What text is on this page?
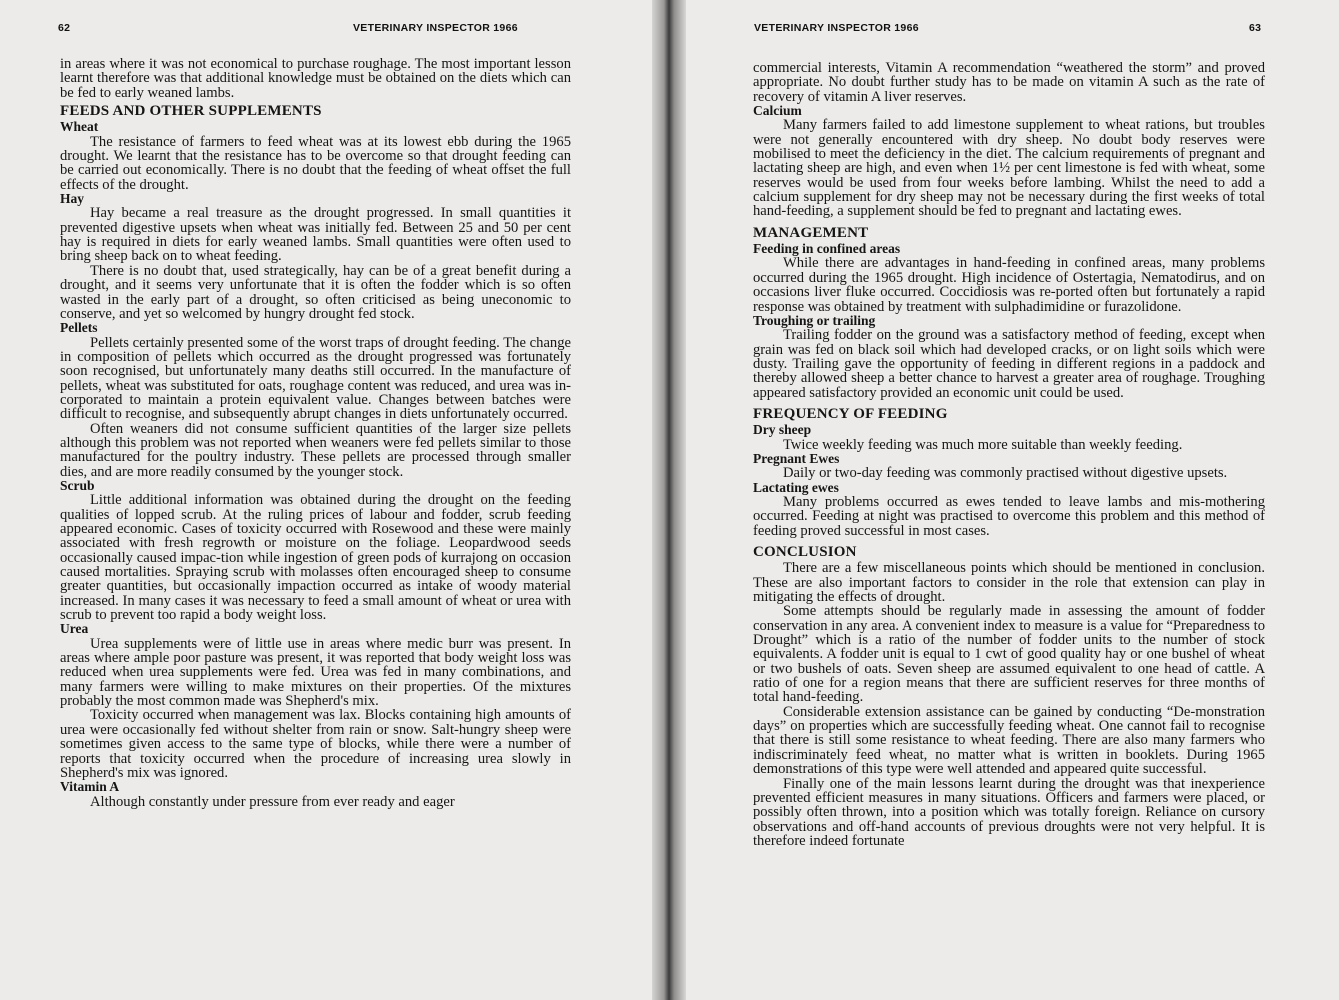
62	VETERINARY INSPECTOR 1966

in areas where it was not economical to purchase roughage. The most important lesson learnt therefore was that additional knowledge must be obtained on the diets which can be fed to early weaned lambs.

FEEDS AND OTHER SUPPLEMENTS
Wheat

The resistance of farmers to feed wheat was at its lowest ebb during the 1965 drought. We learnt that the resistance has to be overcome so that drought feeding can be carried out economically. There is no doubt that the feeding of wheat offset the full effects of the drought.

Hay

Hay became a real treasure as the drought progressed. In small quantities it prevented digestive upsets when wheat was initially fed. Between 25 and 50 per cent hay is required in diets for early weaned lambs. Small quantities were often used to bring sheep back on to wheat feeding.

There is no doubt that, used strategically, hay can be of a great benefit during a drought, and it seems very unfortunate that it is often the fodder which is so often wasted in the early part of a drought, so often criticised as being uneconomic to conserve, and yet so welcomed by hungry drought fed stock.

Pellets

Pellets certainly presented some of the worst traps of drought feeding. The change in composition of pellets which occurred as the drought progressed was fortunately soon recognised, but unfortunately many deaths still occurred. In the manufacture of pellets, wheat was substituted for oats, roughage content was reduced, and urea was in-corporated to maintain a protein equivalent value. Changes between batches were difficult to recognise, and subsequently abrupt changes in diets unfortunately occurred.

Often weaners did not consume sufficient quantities of the larger size pellets although this problem was not reported when weaners were fed pellets similar to those manufactured for the poultry industry. These pellets are processed through smaller dies, and are more readily consumed by the younger stock.

Scrub

Little additional information was obtained during the drought on the feeding qualities of lopped scrub. At the ruling prices of labour and fodder, scrub feeding appeared economic. Cases of toxicity occurred with Rosewood and these were mainly associated with fresh regrowth or moisture on the foliage. Leopardwood seeds occasionally caused impac-tion while ingestion of green pods of kurrajong on occasion caused mortalities. Spraying scrub with molasses often encouraged sheep to consume greater quantities, but occasionally impaction occurred as intake of woody material increased. In many cases it was necessary to feed a small amount of wheat or urea with scrub to prevent too rapid a body weight loss.

Urea

Urea supplements were of little use in areas where medic burr was present. In areas where ample poor pasture was present, it was reported that body weight loss was reduced when urea supplements were fed. Urea was fed in many combinations, and many farmers were willing to make mixtures on their properties. Of the mixtures probably the most common made was Shepherd's mix.

Toxicity occurred when management was lax. Blocks containing high amounts of urea were occasionally fed without shelter from rain or snow. Salt-hungry sheep were sometimes given access to the same type of blocks, while there were a number of reports that toxicity occurred when the procedure of increasing urea slowly in Shepherd's mix was ignored.

Vitamin A

Although constantly under pressure from ever ready and eager

VETERINARY INSPECTOR 1966	63

commercial interests, Vitamin A recommendation “weathered the storm” and proved appropriate. No doubt further study has to be made on vitamin A such as the rate of recovery of vitamin A liver reserves.

Calcium

Many farmers failed to add limestone supplement to wheat rations, but troubles were not generally encountered with dry sheep. No doubt body reserves were mobilised to meet the deficiency in the diet. The calcium requirements of pregnant and lactating sheep are high, and even when 1½ per cent limestone is fed with wheat, some reserves would be used from four weeks before lambing. Whilst the need to add a calcium supplement for dry sheep may not be necessary during the first weeks of total hand-feeding, a supplement should be fed to pregnant and lactating ewes.

MANAGEMENT
Feeding in confined areas

While there are advantages in hand-feeding in confined areas, many problems occurred during the 1965 drought. High incidence of Ostertagia, Nematodirus, and on occasions liver fluke occurred. Coccidiosis was re-ported often but fortunately a rapid response was obtained by treatment with sulphadimidine or furazolidone.

Troughing or trailing

Trailing fodder on the ground was a satisfactory method of feeding, except when grain was fed on black soil which had developed cracks, or on light soils which were dusty. Trailing gave the opportunity of feeding in different regions in a paddock and thereby allowed sheep a better chance to harvest a greater area of roughage. Troughing appeared satisfactory provided an economic unit could be used.

FREQUENCY OF FEEDING
Dry sheep

Twice weekly feeding was much more suitable than weekly feeding.

Pregnant Ewes

Daily or two-day feeding was commonly practised without digestive upsets.

Lactating ewes

Many problems occurred as ewes tended to leave lambs and mis-mothering occurred. Feeding at night was practised to overcome this problem and this method of feeding proved successful in most cases.

CONCLUSION

There are a few miscellaneous points which should be mentioned in conclusion. These are also important factors to consider in the role that extension can play in mitigating the effects of drought.

Some attempts should be regularly made in assessing the amount of fodder conservation in any area. A convenient index to measure is a value for “Preparedness to Drought” which is a ratio of the number of fodder units to the number of stock equivalents. A fodder unit is equal to 1 cwt of good quality hay or one bushel of wheat or two bushels of oats. Seven sheep are assumed equivalent to one head of cattle. A ratio of one for a region means that there are sufficient reserves for three months of total hand-feeding.

Considerable extension assistance can be gained by conducting “De-monstration days” on properties which are successfully feeding wheat. One cannot fail to recognise that there is still some resistance to wheat feeding. There are also many farmers who indiscriminately feed wheat, no matter what is written in booklets. During 1965 demonstrations of this type were well attended and appeared quite successful.

Finally one of the main lessons learnt during the drought was that inexperience prevented efficient measures in many situations. Officers and farmers were placed, or possibly often thrown, into a position which was totally foreign. Reliance on cursory observations and off-hand accounts of previous droughts were not very helpful. It is therefore indeed fortunate
